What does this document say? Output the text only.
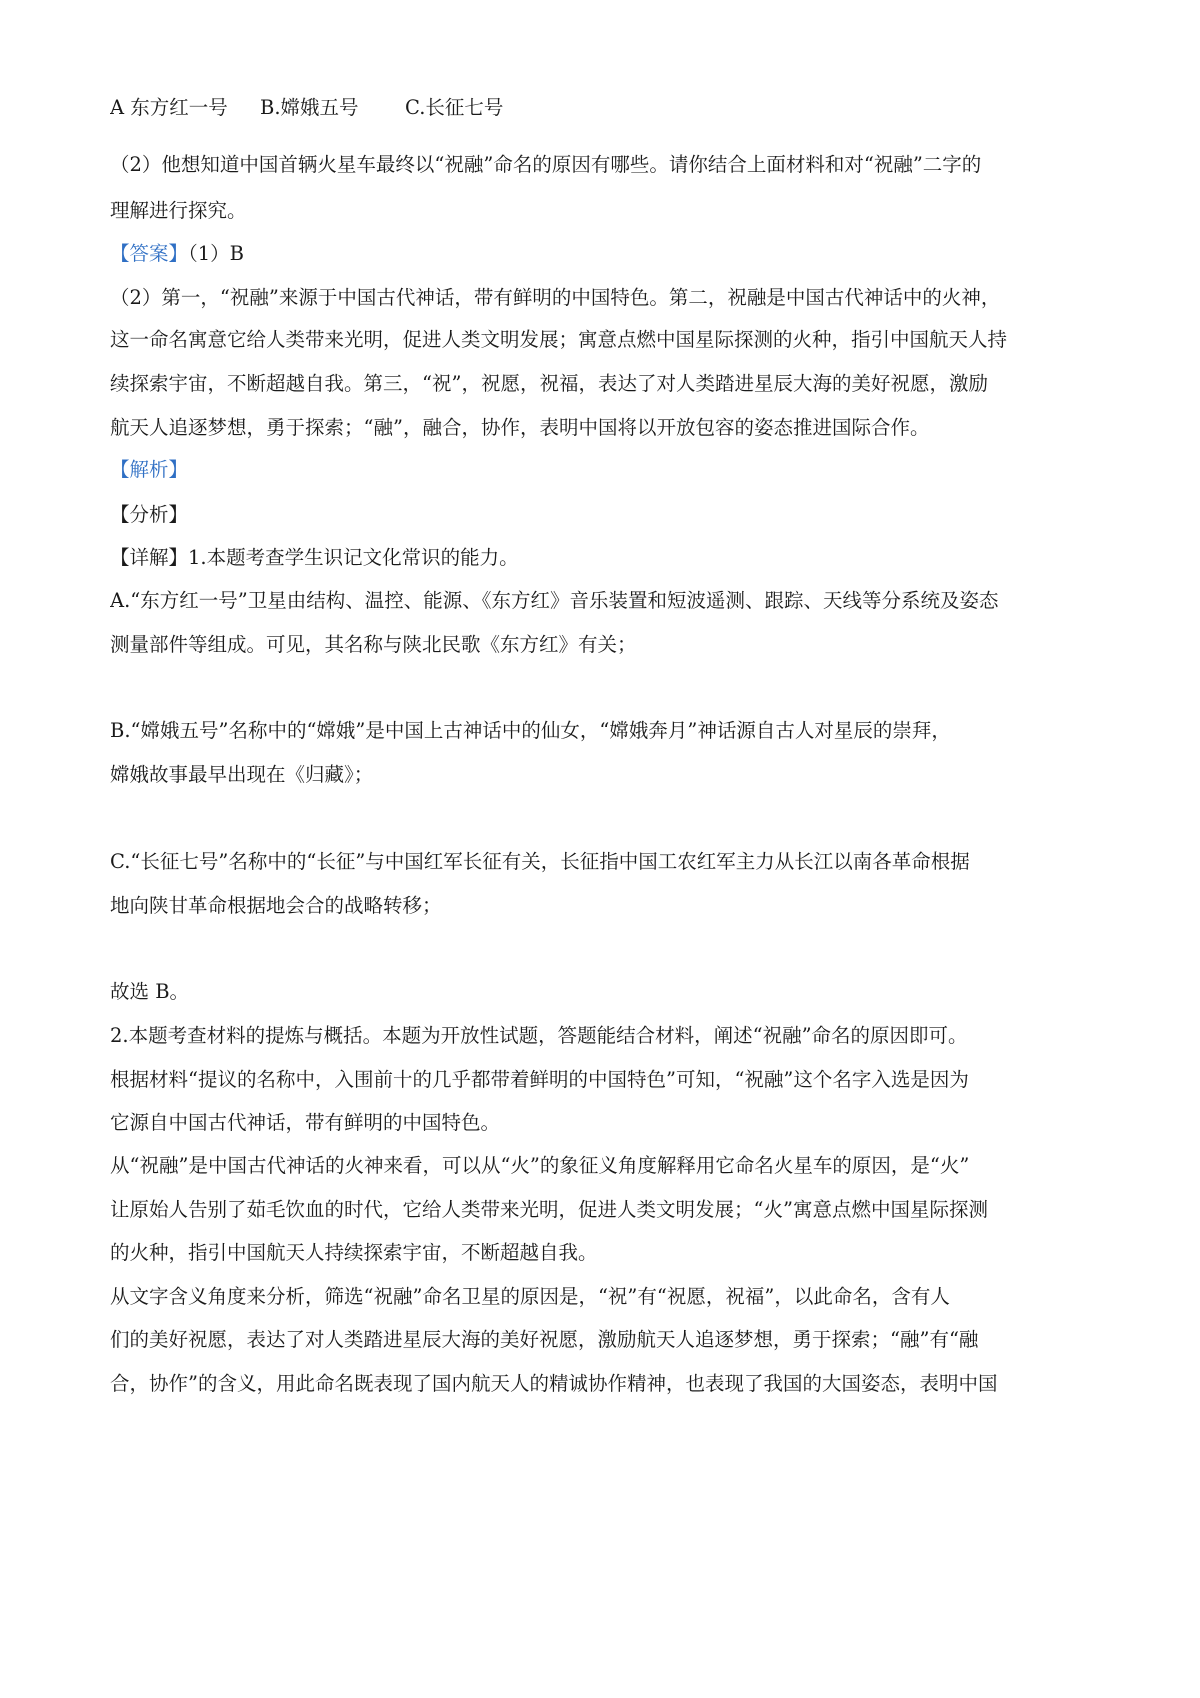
A 东方红一号	B.嫦娥五号	C.长征七号
（2）他想知道中国首辆火星车最终以“祝融”命名的原因有哪些。请你结合上面材料和对“祝融”二字的
理解进行探究。
【答案】（1）B
（2）第一，“祝融”来源于中国古代神话，带有鲜明的中国特色。第二，祝融是中国古代神话中的火神，
这一命名寓意它给人类带来光明，促进人类文明发展；寓意点燃中国星际探测的火种，指引中国航天人持
续探索宇宙，不断超越自我。第三，“祝”，祝愿，祝福，表达了对人类踏进星辰大海的美好祝愿，激励
航天人追逐梦想，勇于探索；“融”，融合，协作，表明中国将以开放包容的姿态推进国际合作。
【解析】
【分析】
【详解】1.本题考查学生识记文化常识的能力。
A.“东方红一号”卫星由结构、温控、能源、《东方红》音乐装置和短波遥测、跟踪、天线等分系统及姿态
测量部件等组成。可见，其名称与陕北民歌《东方红》有关；
B.“嫦娥五号”名称中的“嫦娥”是中国上古神话中的仙女，“嫦娥奔月”神话源自古人对星辰的崇拜，
嫦娥故事最早出现在《归藏》；
C.“长征七号”名称中的“长征”与中国红军长征有关，长征指中国工农红军主力从长江以南各革命根据
地向陕甘革命根据地会合的战略转移；
故选 B。
2.本题考查材料的提炼与概括。本题为开放性试题，答题能结合材料，阐述“祝融”命名的原因即可。
根据材料“提议的名称中，入围前十的几乎都带着鲜明的中国特色”可知，“祝融”这个名字入选是因为
它源自中国古代神话，带有鲜明的中国特色。
从“祝融”是中国古代神话的火神来看，可以从“火”的象征义角度解释用它命名火星车的原因，是“火”
让原始人告别了茹毛饮血的时代，它给人类带来光明，促进人类文明发展；“火”寓意点燃中国星际探测
的火种，指引中国航天人持续探索宇宙，不断超越自我。
从文字含义角度来分析，筛选“祝融”命名卫星的原因是，“祝”有“祝愿，祝福”，以此命名，含有人
们的美好祝愿，表达了对人类踏进星辰大海的美好祝愿，激励航天人追逐梦想，勇于探索；“融”有“融
合，协作”的含义，用此命名既表现了国内航天人的精诚协作精神，也表现了我国的大国姿态，表明中国
